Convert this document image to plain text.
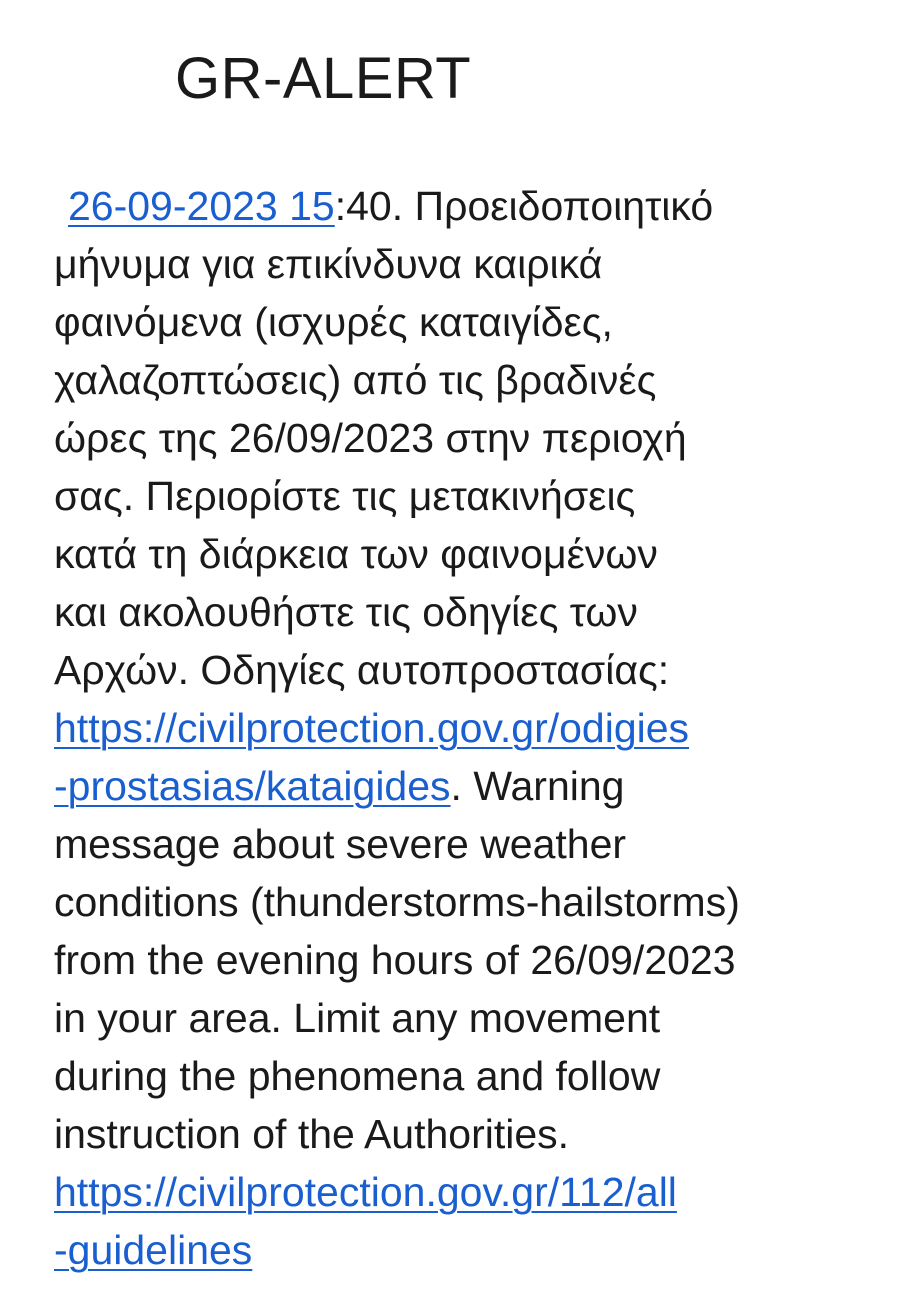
GR-ALERT
26-09-2023 15:40. Προειδοποιητικό
μήνυμα για επικίνδυνα καιρικά
φαινόμενα (ισχυρές καταιγίδες,
χαλαζοπτώσεις) από τις βραδινές
ώρες της 26/09/2023 στην περιοχή
σας. Περιορίστε τις μετακινήσεις
κατά τη διάρκεια των φαινομένων
και ακολουθήστε τις οδηγίες των
Αρχών. Οδηγίες αυτοπροστασίας:
https://civilprotection.gov.gr/odigies
-prostasias/kataigides. Warning
message about severe weather
conditions (thunderstorms-hailstorms)
from the evening hours of 26/09/2023
in your area. Limit any movement
during the phenomena and follow
instruction of the Authorities.
https://civilprotection.gov.gr/112/all
-guidelines
